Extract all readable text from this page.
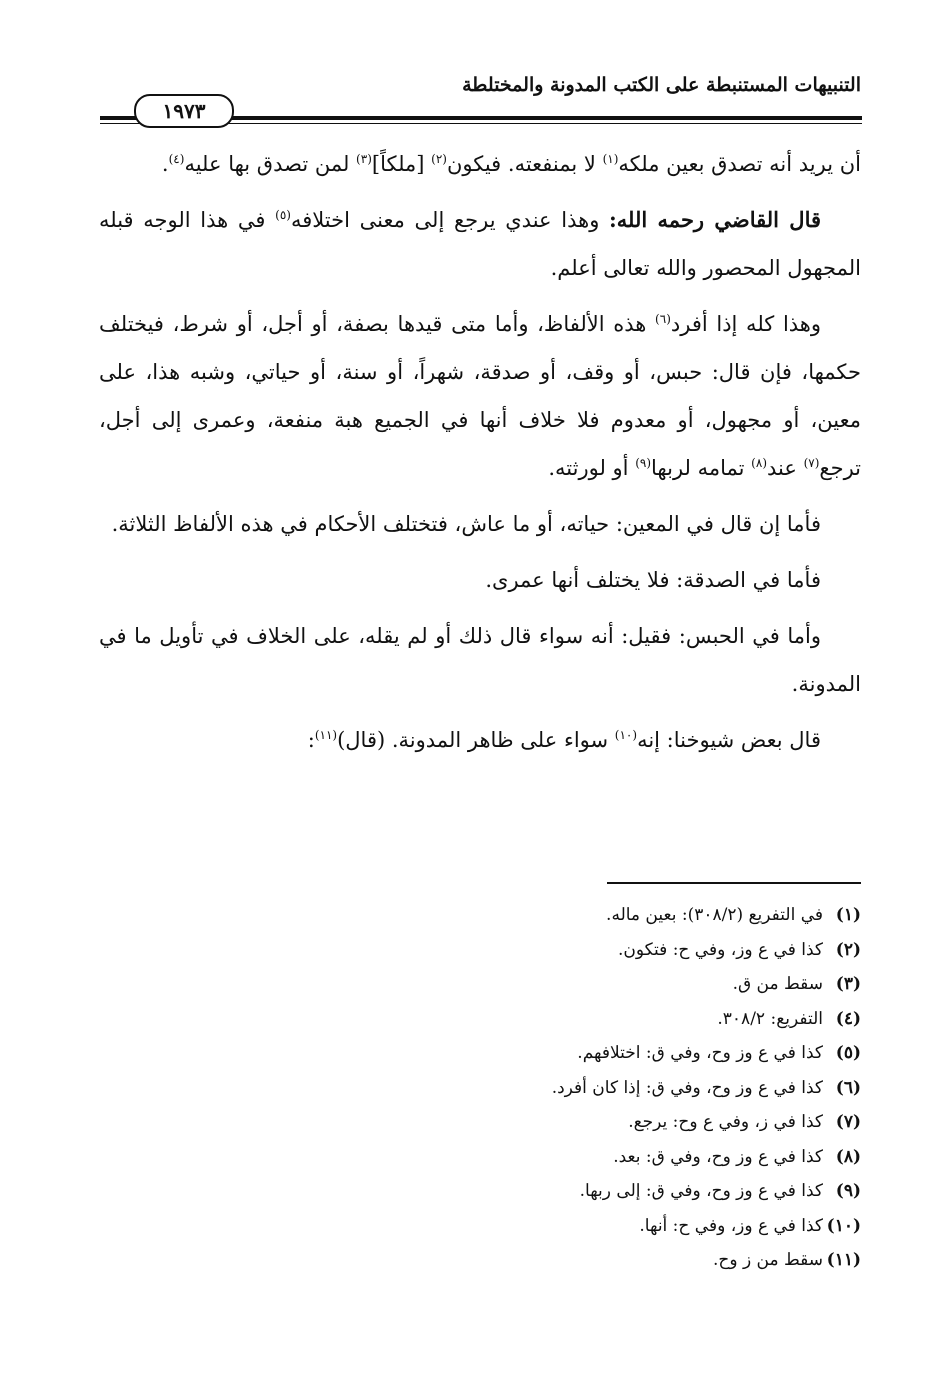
التنبيهات المستنبطة على الكتب المدونة والمختلطة
١٩٧٣

أن يريد أنه تصدق بعين ملكه$^{(١)}$ لا بمنفعته. فيكون$^{(٢)}$ [ملكاً]$^{(٣)}$ لمن تصدق بها عليه$^{(٤)}$.

قال القاضي رحمه الله: وهذا عندي يرجع إلى معنى اختلافه$^{(٥)}$ في هذا الوجه قبله المجهول المحصور والله تعالى أعلم.

وهذا كله إذا أفرد$^{(٦)}$ هذه الألفاظ، وأما متى قيدها بصفة، أو أجل، أو شرط، فيختلف حكمها، فإن قال: حبس، أو وقف، أو صدقة، شهراً، أو سنة، أو حياتي، وشبه هذا، على معين، أو مجهول، أو معدوم فلا خلاف أنها في الجميع هبة منفعة، وعمرى إلى أجل، ترجع$^{(٧)}$ عند$^{(٨)}$ تمامه لربها$^{(٩)}$ أو لورثته.

فأما إن قال في المعين: حياته، أو ما عاش، فتختلف الأحكام في هذه الألفاظ الثلاثة.

فأما في الصدقة: فلا يختلف أنها عمرى.

وأما في الحبس: فقيل: أنه سواء قال ذلك أو لم يقله، على الخلاف في تأويل ما في المدونة.

قال بعض شيوخنا: إنه$^{(١٠)}$ سواء على ظاهر المدونة. (قال)$^{(١١)}$:

(١)في التفريع (٣٠٨/٢): بعين ماله.
(٢)كذا في ع وز، وفي ح: فتكون.
(٣)سقط من ق.
(٤)التفريع: ٣٠٨/٢.
(٥)كذا في ع وز وح، وفي ق: اختلافهم.
(٦)كذا في ع وز وح، وفي ق: إذا كان أفرد.
(٧)كذا في ز، وفي ع وح: يرجع.
(٨)كذا في ع وز وح، وفي ق: بعد.
(٩)كذا في ع وز وح، وفي ق: إلى ربها.
(١٠)كذا في ع وز، وفي ح: أنها.
(١١)سقط من ز وح.
